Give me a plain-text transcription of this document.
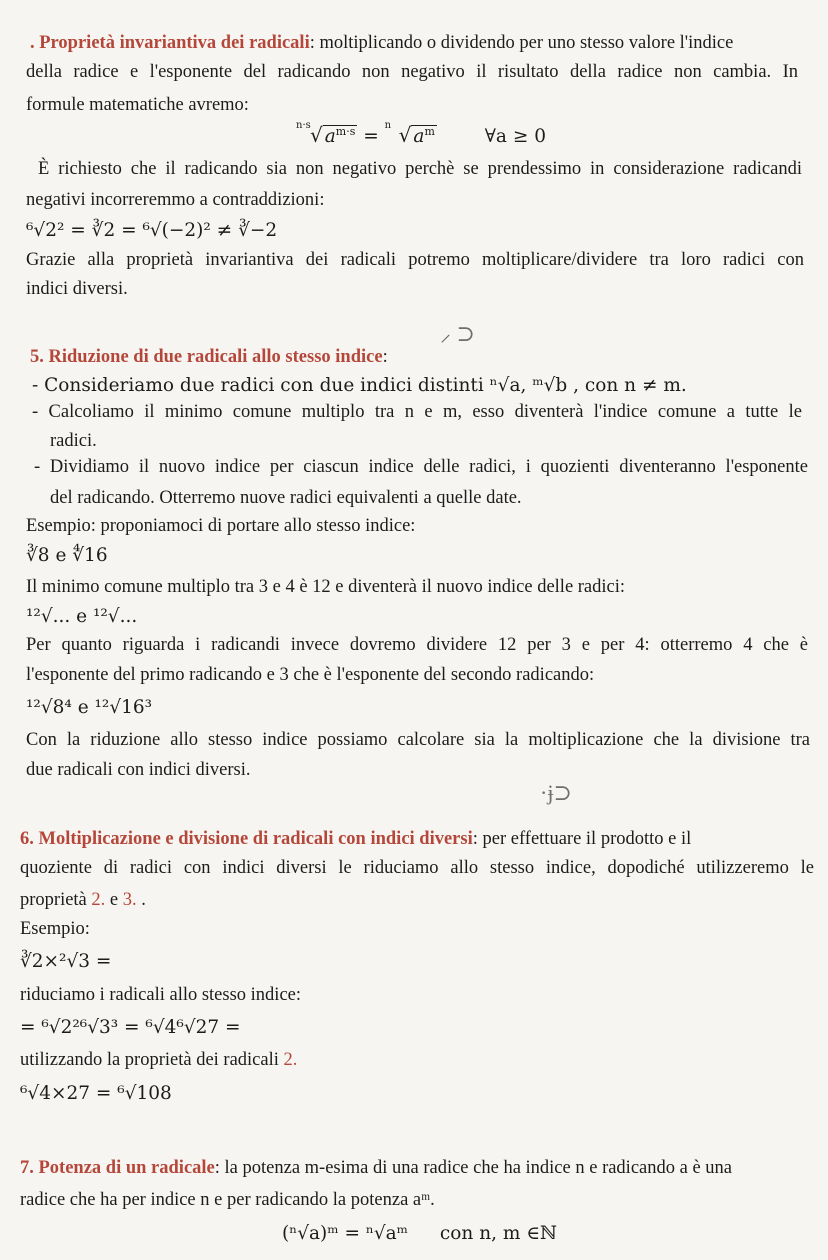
. Proprietà invariantiva dei radicali: moltiplicando o dividendo per uno stesso valore l'indice
della radice e l'esponente del radicando non negativo il risultato della radice non cambia. In
formule matematiche avremo:
n·s √ $a^{m\cdot s}$ =
n √ $a^m$	∀a ≥ 0
È richiesto che il radicando sia non negativo perchè se prendessimo in considerazione radicandi
negativi incorreremmo a contraddizioni:
⁶√2² = ∛2 = ⁶√(−2)² ≠ ∛−2
Grazie alla proprietà invariantiva dei radicali potremo moltiplicare/dividere tra loro radici con
indici diversi.
⸝ ⊃
5. Riduzione di due radicali allo stesso indice:
- Consideriamo due radici con due indici distinti ⁿ√a, ᵐ√b , con n ≠ m.
- Calcoliamo il minimo comune multiplo tra n e m, esso diventerà l'indice comune a tutte le
radici.
- Dividiamo il nuovo indice per ciascun indice delle radici, i quozienti diventeranno l'esponente
del radicando. Otterremo nuove radici equivalenti a quelle date.
Esempio: proponiamoci di portare allo stesso indice:
∛8 e ∜16
Il minimo comune multiplo tra 3 e 4 è 12 e diventerà il nuovo indice delle radici:
¹²√... e ¹²√...
Per quanto riguarda i radicandi invece dovremo dividere 12 per 3 e per 4: otterremo 4 che è
l'esponente del primo radicando e 3 che è l'esponente del secondo radicando:
¹²√8⁴ e ¹²√16³
Con la riduzione allo stesso indice possiamo calcolare sia la moltiplicazione che la divisione tra
due radicali con indici diversi.
·ɉ⊃
6. Moltiplicazione e divisione di radicali con indici diversi: per effettuare il prodotto e il
quoziente di radici con indici diversi le riduciamo allo stesso indice, dopodiché utilizzeremo le
proprietà 2. e 3. .
Esempio:
∛2×²√3 =
riduciamo i radicali allo stesso indice:
= ⁶√2²⁶√3³ = ⁶√4⁶√27 =
utilizzando la proprietà dei radicali 2.
⁶√4×27 = ⁶√108
7. Potenza di un radicale: la potenza m-esima di una radice che ha indice n e radicando a è una
radice che ha per indice n e per radicando la potenza aᵐ.
(ⁿ√a)ᵐ = ⁿ√aᵐ con n, m ∈ℕ
